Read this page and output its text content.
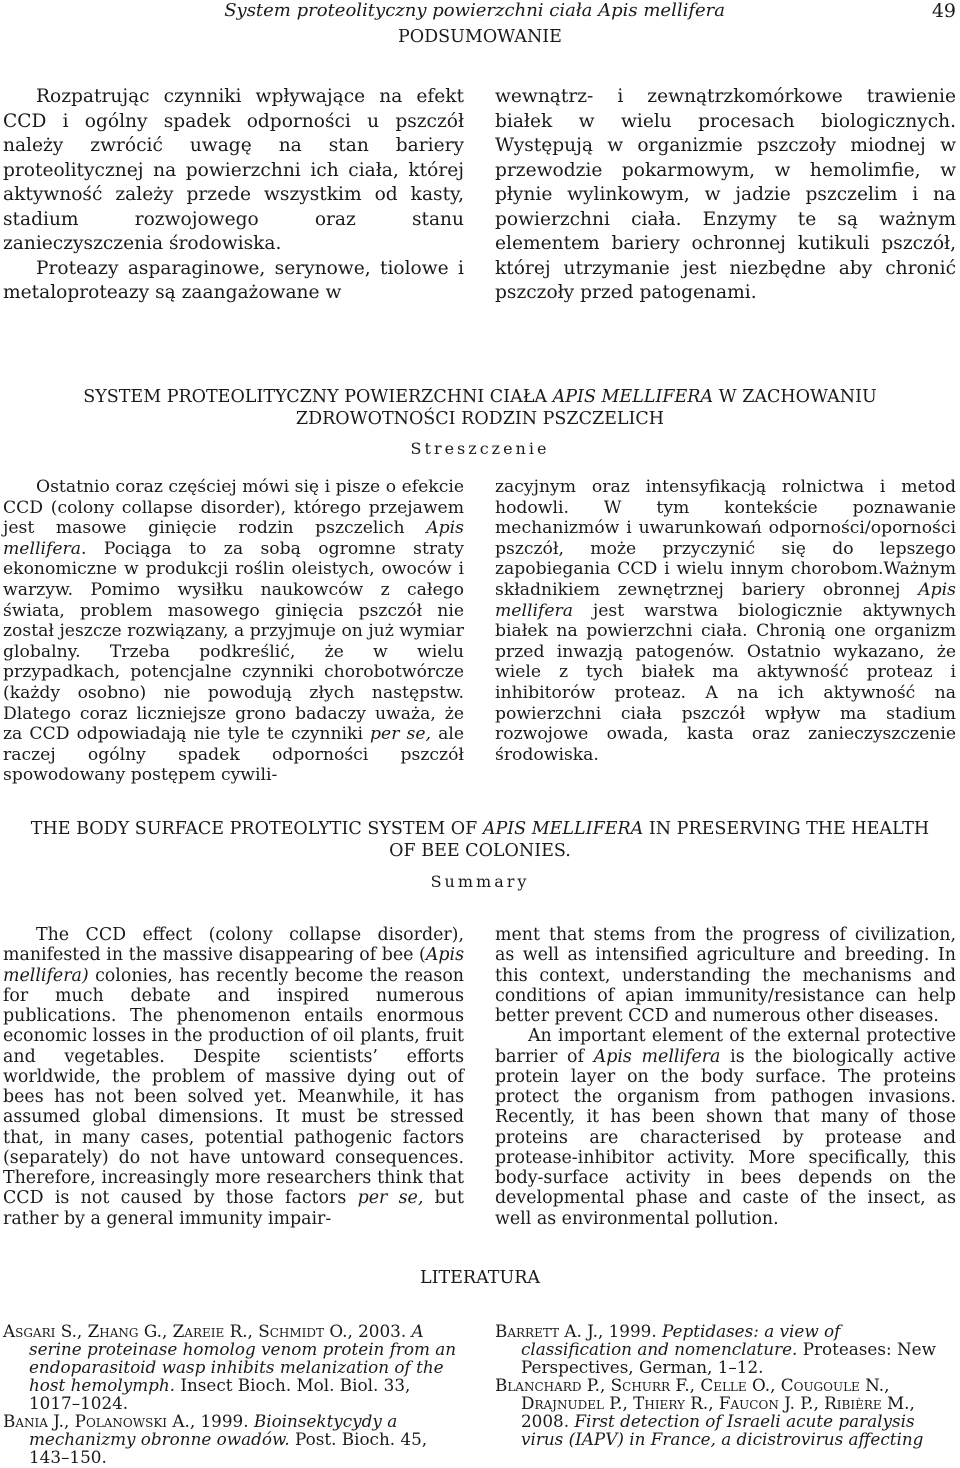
System proteolityczny powierzchni ciała Apis mellifera	49
PODSUMOWANIE

Rozpatrując czynniki wpływające na efekt CCD i ogólny spadek odporności u pszczół należy zwrócić uwagę na stan bariery proteolitycznej na powierzchni ich ciała, której aktywność zależy przede wszystkim od kasty, stadium rozwojowego oraz stanu zanieczyszczenia środowiska.

Proteazy asparaginowe, serynowe, tiolowe i metaloproteazy są zaangażowane w

wewnątrz- i zewnątrzkomórkowe trawienie białek w wielu procesach biologicznych. Występują w organizmie pszczoły miodnej w przewodzie pokarmowym, w hemolimfie, w płynie wylinkowym, w jadzie pszczelim i na powierzchni ciała. Enzymy te są ważnym elementem bariery ochronnej kutikuli pszczół, której utrzymanie jest niezbędne aby chronić pszczoły przed patogenami.

SYSTEM PROTEOLITYCZNY POWIERZCHNI CIAŁA APIS MELLIFERA W ZACHOWANIU
ZDROWOTNOŚCI RODZIN PSZCZELICH
Streszczenie

Ostatnio coraz częściej mówi się i pisze o efekcie CCD (colony collapse disorder), którego przejawem jest masowe ginięcie rodzin pszczelich Apis mellifera. Pociąga to za sobą ogromne straty ekonomiczne w produkcji roślin oleistych, owoców i warzyw. Pomimo wysiłku naukowców z całego świata, problem masowego ginięcia pszczół nie został jeszcze rozwiązany, a przyjmuje on już wymiar globalny. Trzeba podkreślić, że w wielu przypadkach, potencjalne czynniki chorobotwórcze (każdy osobno) nie powodują złych następstw. Dlatego coraz liczniejsze grono badaczy uważa, że za CCD odpowiadają nie tyle te czynniki per se, ale raczej ogólny spadek odporności pszczół spowodowany postępem cywili-

zacyjnym oraz intensyfikacją rolnictwa i metod hodowli. W tym kontekście poznawanie mechanizmów i uwarunkowań odporności/oporności pszczół, może przyczynić się do lepszego zapobiegania CCD i wielu innym chorobom.Ważnym składnikiem zewnętrznej bariery obronnej Apis mellifera jest warstwa biologicznie aktywnych białek na powierzchni ciała. Chronią one organizm przed inwazją patogenów. Ostatnio wykazano, że wiele z tych białek ma aktywność proteaz i inhibitorów proteaz. A na ich aktywność na powierzchni ciała pszczół wpływ ma stadium rozwojowe owada, kasta oraz zanieczyszczenie środowiska.

THE BODY SURFACE PROTEOLYTIC SYSTEM OF APIS MELLIFERA IN PRESERVING THE HEALTH
OF BEE COLONIES.
Summary

The CCD effect (colony collapse disorder), manifested in the massive disappearing of bee (Apis mellifera) colonies, has recently become the reason for much debate and inspired numerous publications. The phenomenon entails enormous economic losses in the production of oil plants, fruit and vegetables. Despite scientists’ efforts worldwide, the problem of massive dying out of bees has not been solved yet. Meanwhile, it has assumed global dimensions. It must be stressed that, in many cases, potential pathogenic factors (separately) do not have untoward consequences. Therefore, increasingly more researchers think that CCD is not caused by those factors per se, but rather by a general immunity impair-

ment that stems from the progress of civilization, as well as intensified agriculture and breeding. In this context, understanding the mechanisms and conditions of apian immunity/resistance can help better prevent CCD and numerous other diseases.

An important element of the external protective barrier of Apis mellifera is the biologically active protein layer on the body surface. The proteins protect the organism from pathogen invasions. Recently, it has been shown that many of those proteins are characterised by protease and protease-inhibitor activity. More specifically, this body-surface activity in bees depends on the developmental phase and caste of the insect, as well as environmental pollution.

LITERATURA

Asgari S., Zhang G., Zareie R., Schmidt O., 2003. A serine proteinase homolog venom protein from an endoparasitoid wasp inhibits melanization of the host hemolymph. Insect Bioch. Mol. Biol. 33, 1017–1024.

Bania J., Polanowski A., 1999. Bioinsektycydy a mechanizmy obronne owadów. Post. Bioch. 45, 143–150.

Barrett A. J., 1999. Peptidases: a view of classification and nomenclature. Proteases: New Perspectives, German, 1–12.

Blanchard P., Schurr F., Celle O., Cougoule N., Drajnudel P., Thiery R., Faucon J. P., Ribière M., 2008. First detection of Israeli acute paralysis virus (IAPV) in France, a dicistrovirus affecting
